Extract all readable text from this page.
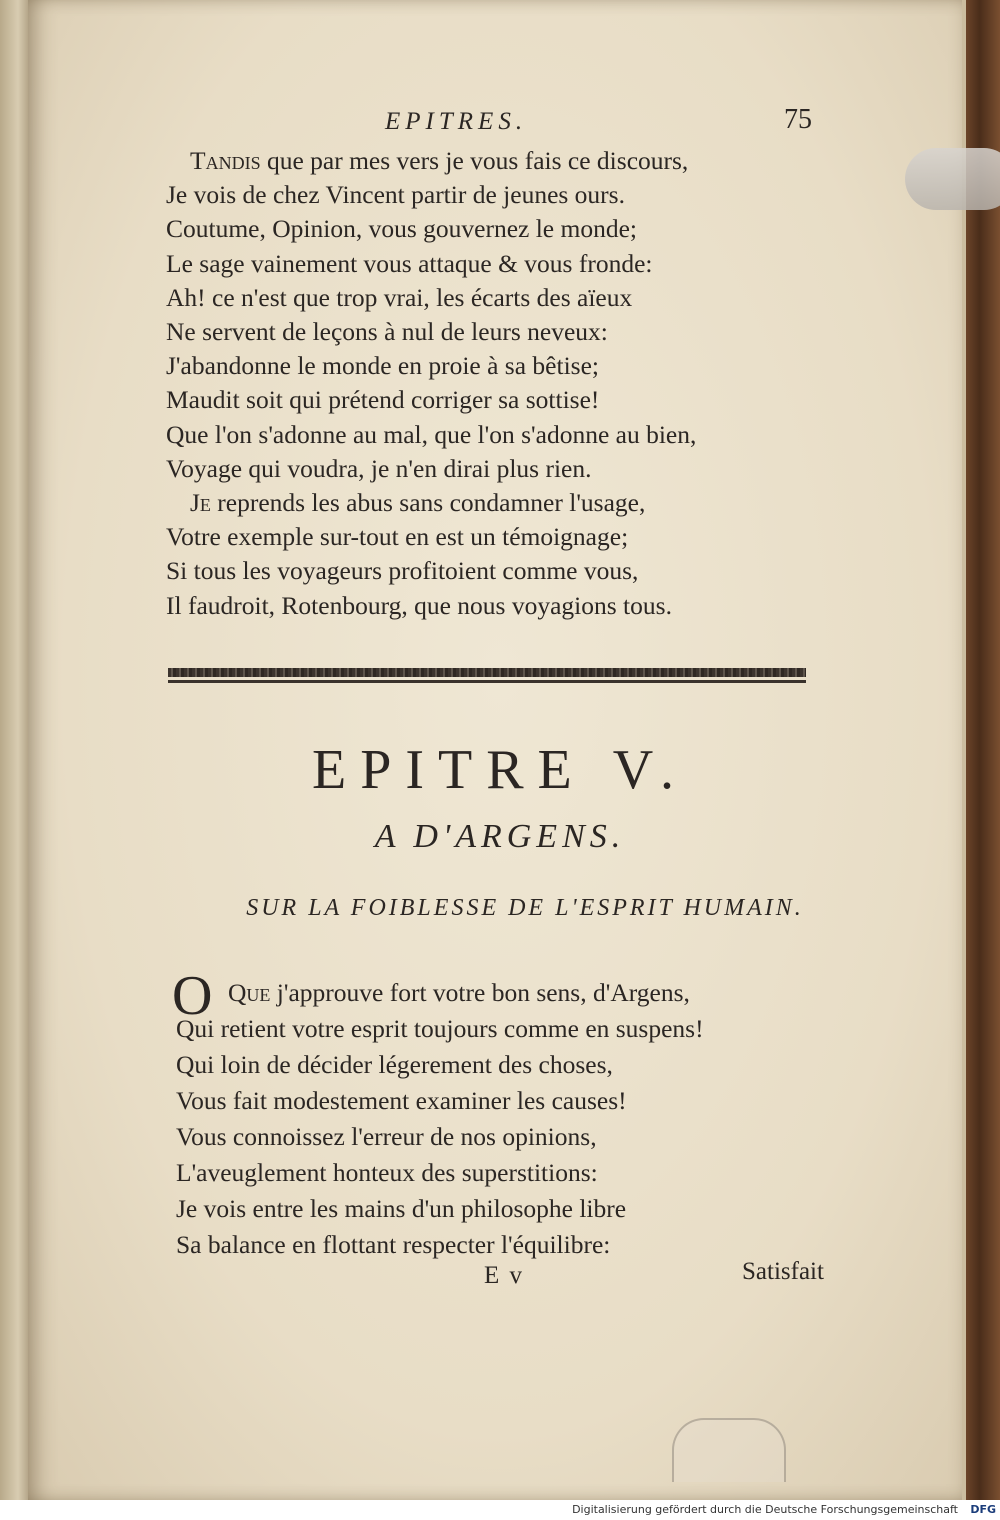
EPITRES.	75
Tandis que par mes vers je vous fais ce discours,
Je vois de chez Vincent partir de jeunes ours.
Coutume, Opinion, vous gouvernez le monde;
Le sage vainement vous attaque & vous fronde:
Ah! ce n'est que trop vrai, les écarts des aïeux
Ne servent de leçons à nul de leurs neveux:
J'abandonne le monde en proie à sa bêtise;
Maudit soit qui prétend corriger sa sottise!
Que l'on s'adonne au mal, que l'on s'adonne au bien,
Voyage qui voudra, je n'en dirai plus rien.
Je reprends les abus sans condamner l'usage,
Votre exemple sur-tout en est un témoignage;
Si tous les voyageurs profitoient comme vous,
Il faudroit, Rotenbourg, que nous voyagions tous.
EPITRE V.
A D'ARGENS.
SUR LA FOIBLESSE DE L'ESPRIT HUMAIN.
O Que j'approuve fort votre bon sens, d'Argens,
Qui retient votre esprit toujours comme en suspens!
Qui loin de décider légerement des choses,
Vous fait modestement examiner les causes!
Vous connoissez l'erreur de nos opinions,
L'aveuglement honteux des superstitions:
Je vois entre les mains d'un philosophe libre
Sa balance en flottant respecter l'équilibre:
E v	Satisfait
Digitalisierung gefördert durch die Deutsche Forschungsgemeinschaft DFG
